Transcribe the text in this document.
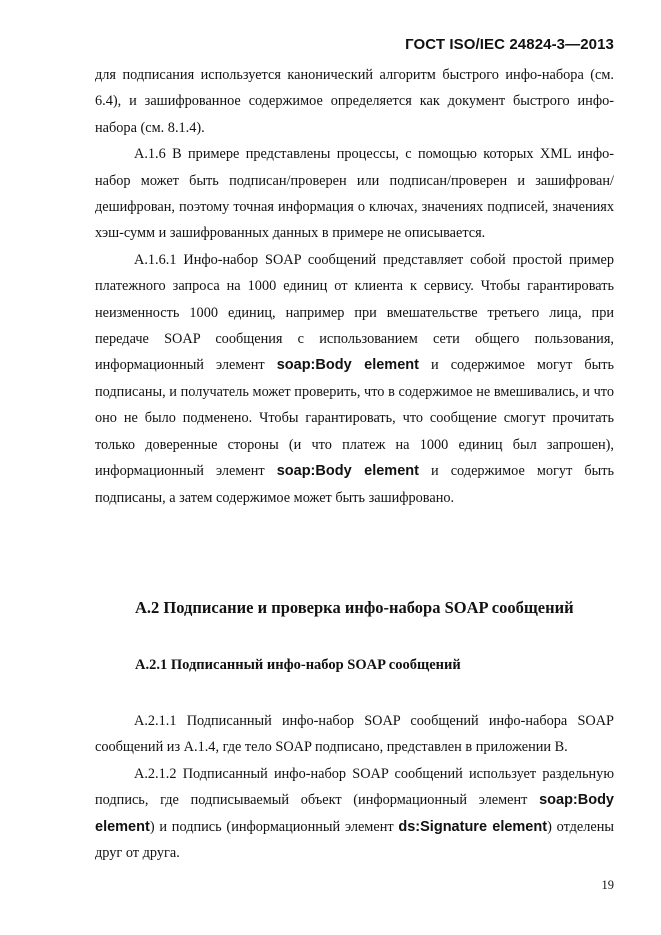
ГОСТ ISO/IEC 24824-3—2013

для подписания используется канонический алгоритм быстрого инфо-набора (см. 6.4), и зашифрованное содержимое определяется как документ быстрого инфо-набора (см. 8.1.4).

А.1.6 В примере представлены процессы, с помощью которых XML инфо-набор может быть подписан/проверен или подписан/проверен и зашифрован/дешифрован, поэтому точная информация о ключах, значениях подписей, значениях хэш-сумм и зашифрованных данных в примере не описывается.

А.1.6.1 Инфо-набор SOAP сообщений представляет собой простой пример платежного запроса на 1000 единиц от клиента к сервису. Чтобы гарантировать неизменность 1000 единиц, например при вмешательстве третьего лица, при передаче SOAP сообщения с использованием сети общего пользования, информационный элемент soap:Body element и содержимое могут быть подписаны, и получатель может проверить, что в содержимое не вмешивались, и что оно не было подменено. Чтобы гарантировать, что сообщение смогут прочитать только доверенные стороны (и что платеж на 1000 единиц был запрошен), информационный элемент soap:Body element и содержимое могут быть подписаны, а затем содержимое может быть зашифровано.

А.2 Подписание и проверка инфо-набора SOAP сообщений
А.2.1 Подписанный инфо-набор SOAP сообщений

А.2.1.1 Подписанный инфо-набор SOAP сообщений инфо-набора SOAP сообщений из А.1.4, где тело SOAP подписано, представлен в приложении В.

А.2.1.2 Подписанный инфо-набор SOAP сообщений использует раздельную подпись, где подписываемый объект (информационный элемент soap:Body element) и подпись (информационный элемент ds:Signature element) отделены друг от друга.

19
